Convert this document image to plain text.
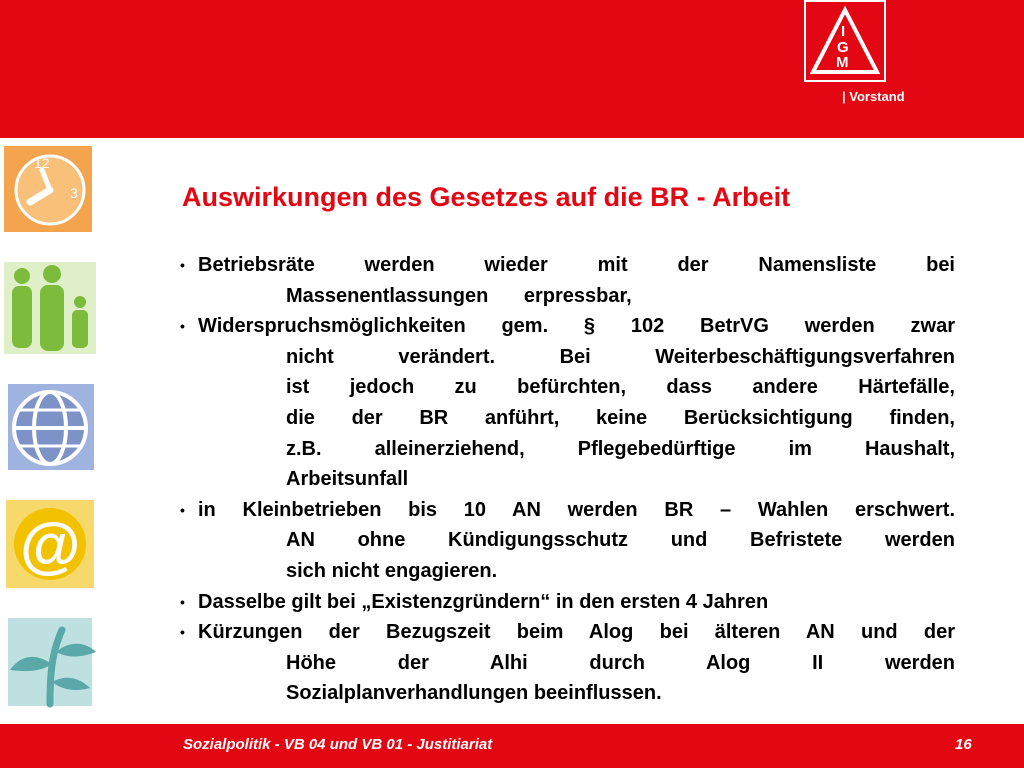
I
G
M
| Vorstand
12
3
@
Auswirkungen des Gesetzes auf die BR - Arbeit
• Betriebsräte werden wieder mit der Namensliste bei
Massenentlassungen erpressbar,
• Widerspruchsmöglichkeiten gem. § 102 BetrVG werden zwar
nicht verändert. Bei Weiterbeschäftigungsverfahren
ist jedoch zu befürchten, dass andere Härtefälle,
die der BR anführt, keine Berücksichtigung finden,
z.B. alleinerziehend, Pflegebedürftige im Haushalt,
Arbeitsunfall
• in Kleinbetrieben bis 10 AN werden BR – Wahlen erschwert.
AN ohne Kündigungsschutz und Befristete werden
sich nicht engagieren.
• Dasselbe gilt bei „Existenzgründern“ in den ersten 4 Jahren
• Kürzungen der Bezugszeit beim Alog bei älteren AN und der
Höhe der Alhi durch Alog II werden
Sozialplanverhandlungen beeinflussen.
Sozialpolitik - VB 04 und VB 01 - Justitiariat	16
